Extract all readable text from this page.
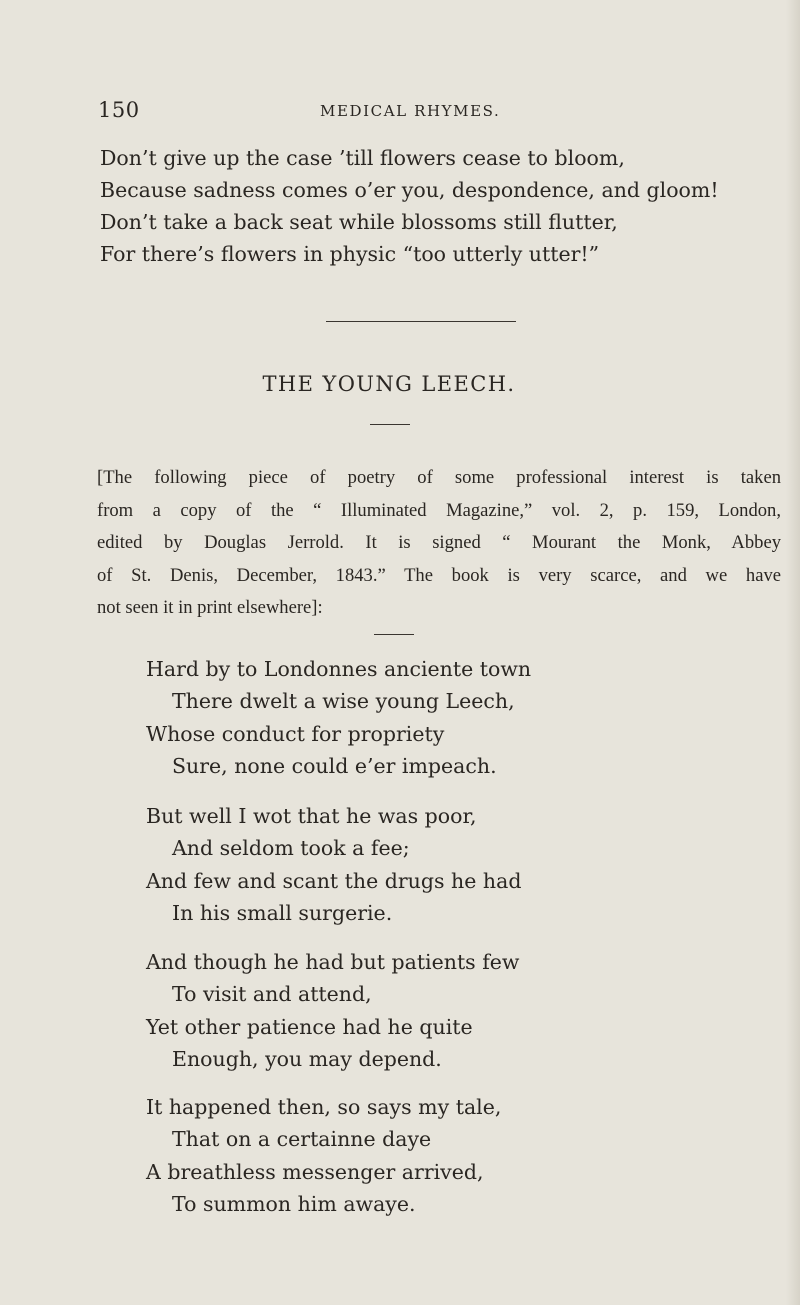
150	MEDICAL RHYMES.
Don’t give up the case ’till flowers cease to bloom,
Because sadness comes o’er you, despondence, and gloom!
Don’t take a back seat while blossoms still flutter,
For there’s flowers in physic “too utterly utter!”
THE YOUNG LEECH.
[The following piece of poetry of some professional interest is taken
from a copy of the “ Illuminated Magazine,” vol. 2, p. 159, London,
edited by Douglas Jerrold. It is signed “ Mourant the Monk, Abbey
of St. Denis, December, 1843.” The book is very scarce, and we have
not seen it in print elsewhere]:
Hard by to Londonnes anciente town
There dwelt a wise young Leech,
Whose conduct for propriety
Sure, none could e’er impeach.
But well I wot that he was poor,
And seldom took a fee;
And few and scant the drugs he had
In his small surgerie.
And though he had but patients few
To visit and attend,
Yet other patience had he quite
Enough, you may depend.
It happened then, so says my tale,
That on a certainne daye
A breathless messenger arrived,
To summon him awaye.
